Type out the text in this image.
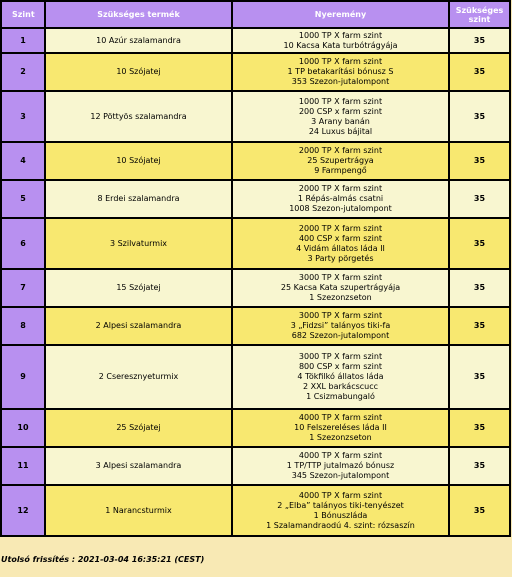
Szint	Szükséges termék	Nyeremény	Szükséges szint
1	10 Azúr szalamandra	1000 TP X farm szint
10 Kacsa Kata turbótrágyája	35
2	10 Szójatej	1000 TP X farm szint
1 TP betakarítási bónusz S
353 Szezon-jutalompont	35
3	12 Pöttyös szalamandra	1000 TP X farm szint
200 CSP x farm szint
3 Arany banán
24 Luxus bájital	35
4	10 Szójatej	2000 TP X farm szint
25 Szupertrágya
9 Farmpengő	35
5	8 Erdei szalamandra	2000 TP X farm szint
1 Répás-almás csatni
1008 Szezon-jutalompont	35
6	3 Szilvaturmix	2000 TP X farm szint
400 CSP x farm szint
4 Vidám állatos láda II
3 Party pörgetés	35
7	15 Szójatej	3000 TP X farm szint
25 Kacsa Kata szupertrágyája
1 Szezonzseton	35
8	2 Alpesi szalamandra	3000 TP X farm szint
3 „Fidzsi” talányos tiki-fa
682 Szezon-jutalompont	35
9	2 Cseresznyeturmix	3000 TP X farm szint
800 CSP x farm szint
4 Tökfilkó állatos láda
2 XXL barkácscucc
1 Csizmabungaló	35
10	25 Szójatej	4000 TP X farm szint
10 Felszereléses láda II
1 Szezonzseton	35
11	3 Alpesi szalamandra	4000 TP X farm szint
1 TP/TTP jutalmazó bónusz
345 Szezon-jutalompont	35
12	1 Narancsturmix	4000 TP X farm szint
2 „Elba” talányos tiki-tenyészet
1 Bónuszláda
1 Szalamandraodú 4. szint: rózsaszín	35
Utolsó frissítés : 2021-03-04 16:35:21 (CEST)
